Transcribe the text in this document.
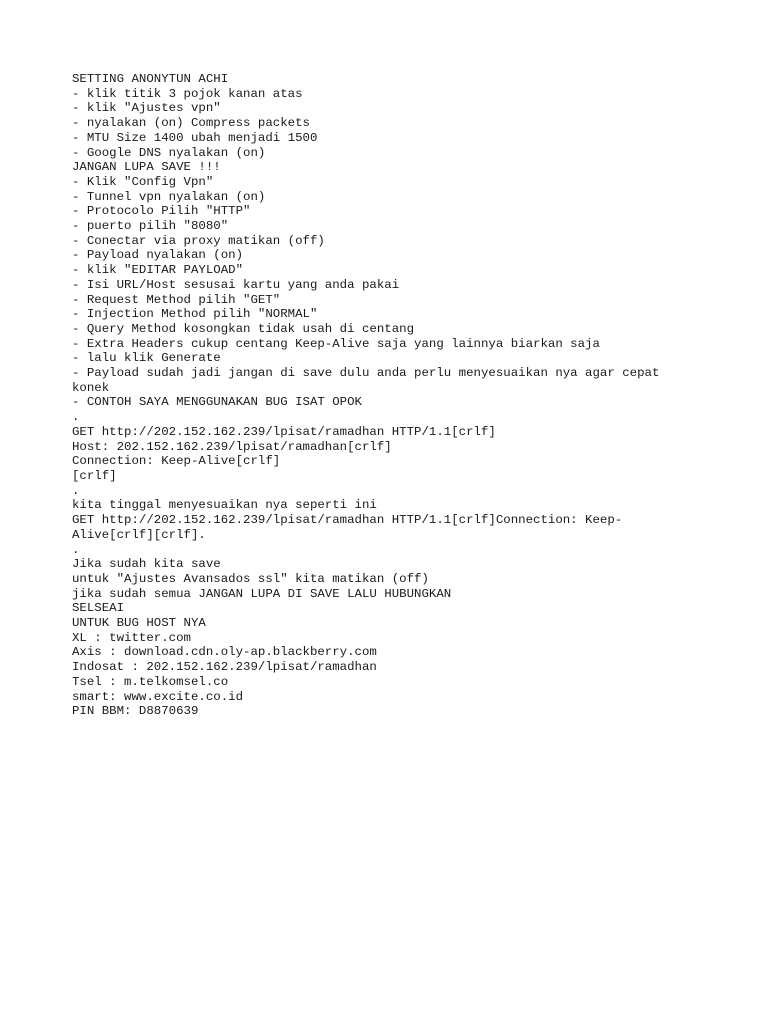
SETTING ANONYTUN ACHI
- klik titik 3 pojok kanan atas
- klik "Ajustes vpn"
- nyalakan (on) Compress packets
- MTU Size 1400 ubah menjadi 1500
- Google DNS nyalakan (on)
JANGAN LUPA SAVE !!!
- Klik "Config Vpn"
- Tunnel vpn nyalakan (on)
- Protocolo Pilih "HTTP"
- puerto pilih "8080"
- Conectar via proxy matikan (off)
- Payload nyalakan (on)
- klik "EDITAR PAYLOAD"
- Isi URL/Host sesusai kartu yang anda pakai
- Request Method pilih "GET"
- Injection Method pilih "NORMAL"
- Query Method kosongkan tidak usah di centang
- Extra Headers cukup centang Keep-Alive saja yang lainnya biarkan saja
- lalu klik Generate
- Payload sudah jadi jangan di save dulu anda perlu menyesuaikan nya agar cepat
konek
- CONTOH SAYA MENGGUNAKAN BUG ISAT OPOK
.
GET http://202.152.162.239/lpisat/ramadhan HTTP/1.1[crlf]
Host: 202.152.162.239/lpisat/ramadhan[crlf]
Connection: Keep-Alive[crlf]
[crlf]
.
kita tinggal menyesuaikan nya seperti ini
GET http://202.152.162.239/lpisat/ramadhan HTTP/1.1[crlf]Connection: Keep-
Alive[crlf][crlf].
.
Jika sudah kita save
untuk "Ajustes Avansados ssl" kita matikan (off)
jika sudah semua JANGAN LUPA DI SAVE LALU HUBUNGKAN
SELSEAI
UNTUK BUG HOST NYA
XL : twitter.com
Axis : download.cdn.oly-ap.blackberry.com
Indosat : 202.152.162.239/lpisat/ramadhan
Tsel : m.telkomsel.co
smart: www.excite.co.id
PIN BBM: D8870639
